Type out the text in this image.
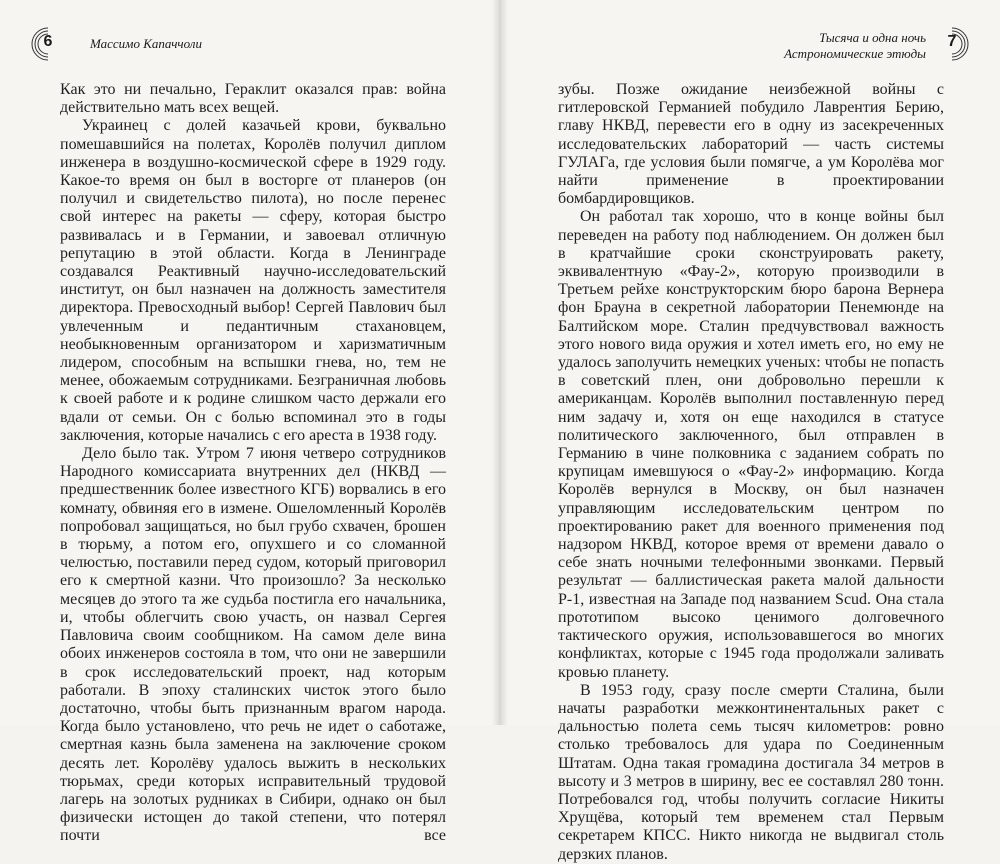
6	Массимо Капаччоли

Как это ни печально, Гераклит оказался прав: война действительно мать всех вещей.

Украинец с долей казачьей крови, буквально помешавшийся на полетах, Королёв получил диплом инженера в воздушно-космической сфере в 1929 году. Какое-то время он был в восторге от планеров (он получил и свидетельство пилота), но после перенес свой интерес на ракеты — сферу, которая быстро развивалась и в Германии, и завоевал отличную репутацию в этой области. Когда в Ленинграде создавался Реактивный научно-исследовательский институт, он был назначен на должность заместителя директора. Превосходный выбор! Сергей Павлович был увлеченным и педантичным стахановцем, необыкновенным организатором и харизматичным лидером, способным на вспышки гнева, но, тем не менее, обожаемым сотрудниками. Безграничная любовь к своей работе и к родине слишком часто держали его вдали от семьи. Он с болью вспоминал это в годы заключения, которые начались с его ареста в 1938 году.

Дело было так. Утром 7 июня четверо сотрудников Народного комиссариата внутренних дел (НКВД — предшественник более известного КГБ) ворвались в его комнату, обвиняя его в измене. Ошеломленный Королёв попробовал защищаться, но был грубо схвачен, брошен в тюрьму, а потом его, опухшего и со сломанной челюстью, поставили перед судом, который приговорил его к смертной казни. Что произошло? За несколько месяцев до этого та же судьба постигла его начальника, и, чтобы облегчить свою участь, он назвал Сергея Павловича своим сообщником. На самом деле вина обоих инженеров состояла в том, что они не завершили в срок исследовательский проект, над которым работали. В эпоху сталинских чисток этого было достаточно, чтобы быть признанным врагом народа. Когда было установлено, что речь не идет о саботаже, смертная казнь была заменена на заключение сроком десять лет. Королёву удалось выжить в нескольких тюрьмах, среди которых исправительный трудовой лагерь на золотых рудниках в Сибири, однако он был физически истощен до такой степени, что потерял почти все

Тысяча и одна ночь
Астрономические этюды
7

зубы. Позже ожидание неизбежной войны с гитлеровской Германией побудило Лаврентия Берию, главу НКВД, перевести его в одну из засекреченных исследовательских лабораторий — часть системы ГУЛАГа, где условия были помягче, а ум Королёва мог найти применение в проектировании бомбардировщиков.

Он работал так хорошо, что в конце войны был переведен на работу под наблюдением. Он должен был в кратчайшие сроки сконструировать ракету, эквивалентную «Фау-2», которую производили в Третьем рейхе конструкторским бюро барона Вернера фон Брауна в секретной лаборатории Пенемюнде на Балтийском море. Сталин предчувствовал важность этого нового вида оружия и хотел иметь его, но ему не удалось заполучить немецких ученых: чтобы не попасть в советский плен, они добровольно перешли к американцам. Королёв выполнил поставленную перед ним задачу и, хотя он еще находился в статусе политического заключенного, был отправлен в Германию в чине полковника с заданием собрать по крупицам имевшуюся о «Фау-2» информацию. Когда Королёв вернулся в Москву, он был назначен управляющим исследовательским центром по проектированию ракет для военного применения под надзором НКВД, которое время от времени давало о себе знать ночными телефонными звонками. Первый результат — баллистическая ракета малой дальности Р-1, известная на Западе под названием Scud. Она стала прототипом высоко ценимого долговечного тактического оружия, использовавшегося во многих конфликтах, которые с 1945 года продолжали заливать кровью планету.

В 1953 году, сразу после смерти Сталина, были начаты разработки межконтинентальных ракет с дальностью полета семь тысяч километров: ровно столько требовалось для удара по Соединенным Штатам. Одна такая громадина достигала 34 метров в высоту и 3 метров в ширину, вес ее составлял 280 тонн. Потребовался год, чтобы получить согласие Никиты Хрущёва, который тем временем стал Первым секретарем КПСС. Никто никогда не выдвигал столь дерзких планов.
